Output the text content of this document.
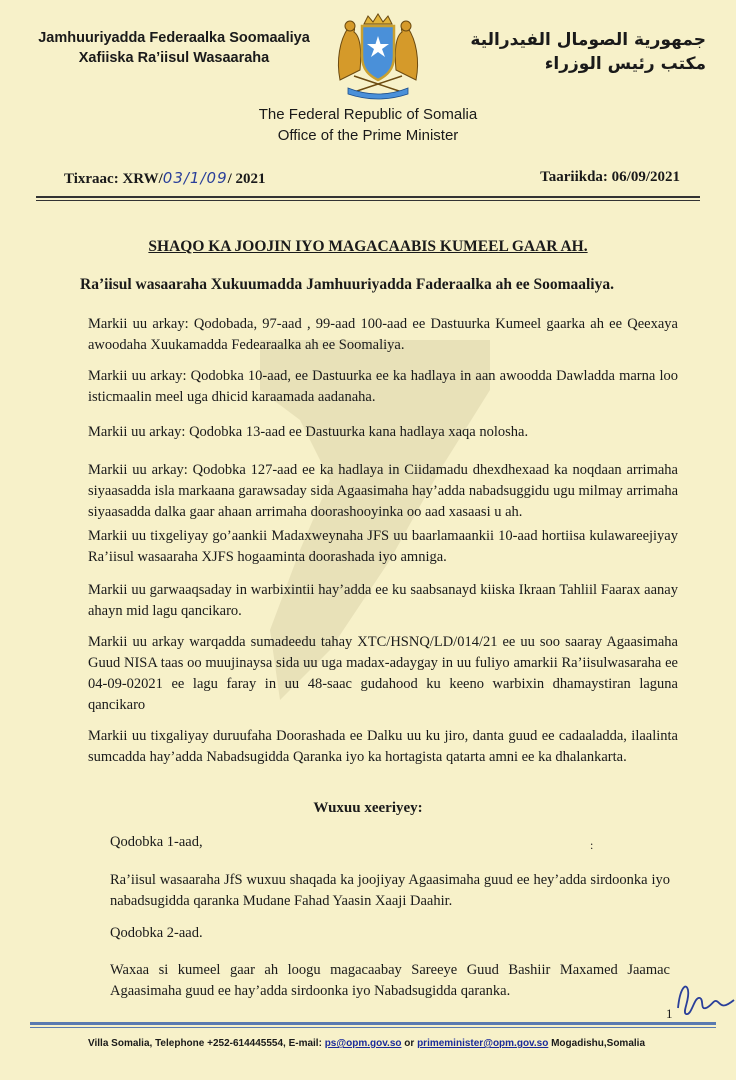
Jamhuuriyadda Federaalka Soomaaliya
Xafiiska Ra’iisul Wasaaraha
جمهورية الصومال الفيدرالية
مكتب رئيس الوزراء
The Federal Republic of Somalia
Office of the Prime Minister
Tixraac: XRW/03/1/09/ 2021	Taariikda: 06/09/2021
SHAQO KA JOOJIN IYO MAGACAABIS KUMEEL GAAR AH.
Ra’iisul wasaaraha Xukuumadda Jamhuuriyadda Faderaalka ah ee Soomaaliya.

Markii uu arkay: Qodobada, 97-aad , 99-aad 100-aad ee Dastuurka Kumeel gaarka ah ee Qeexaya awoodaha Xuukamadda Fedearaalka ah ee Soomaliya.

Markii uu arkay: Qodobka 10-aad, ee Dastuurka ee ka hadlaya in aan awoodda Dawladda marna loo isticmaalin meel uga dhicid karaamada aadanaha.

Markii uu arkay: Qodobka 13-aad ee Dastuurka kana hadlaya xaqa nolosha.

Markii uu arkay: Qodobka 127-aad ee ka hadlaya in Ciidamadu dhexdhexaad ka noqdaan arrimaha siyaasadda isla markaana garawsaday sida Agaasimaha hay’adda nabadsuggidu ugu milmay arrimaha siyaasadda dalka gaar ahaan arrimaha doorashooyinka oo aad xasaasi u ah.

Markii uu tixgeliyay go’aankii Madaxweynaha JFS uu baarlamaankii 10-aad hortiisa kulawareejiyay Ra’iisul wasaaraha XJFS hogaaminta doorashada iyo amniga.

Markii uu garwaaqsaday in warbixintii hay’adda ee ku saabsanayd kiiska Ikraan Tahliil Faarax aanay ahayn mid lagu qancikaro.

Markii uu arkay warqadda sumadeedu tahay XTC/HSNQ/LD/014/21 ee uu soo saaray Agaasimaha Guud NISA taas oo muujinaysa sida uu uga madax-adaygay in uu fuliyo amarkii Ra’iisulwasaraha ee 04-09-02021 ee lagu faray in uu 48-saac gudahood ku keeno warbixin dhamaystiran laguna qancikaro

Markii uu tixgaliyay duruufaha Doorashada ee Dalku uu ku jiro, danta guud ee cadaaladda, ilaalinta sumcadda hay’adda Nabadsugidda Qaranka iyo ka hortagista qatarta amni ee ka dhalankarta.

Wuxuu xeeriyey:
Qodobka 1-aad,	:

Ra’iisul wasaaraha JfS wuxuu shaqada ka joojiyay Agaasimaha guud ee hey’adda sirdoonka iyo nabadsugidda qaranka Mudane Fahad Yaasin Xaaji Daahir.

Qodobka 2-aad.

Waxaa si kumeel gaar ah loogu magacaabay Sareeye Guud Bashiir Maxamed Jaamac Agaasimaha guud ee hay’adda sirdoonka iyo Nabadsugidda qaranka.

1
Villa Somalia, Telephone +252-614445554, E-mail: ps@opm.gov.so or primeminister@opm.gov.so Mogadishu,Somalia
